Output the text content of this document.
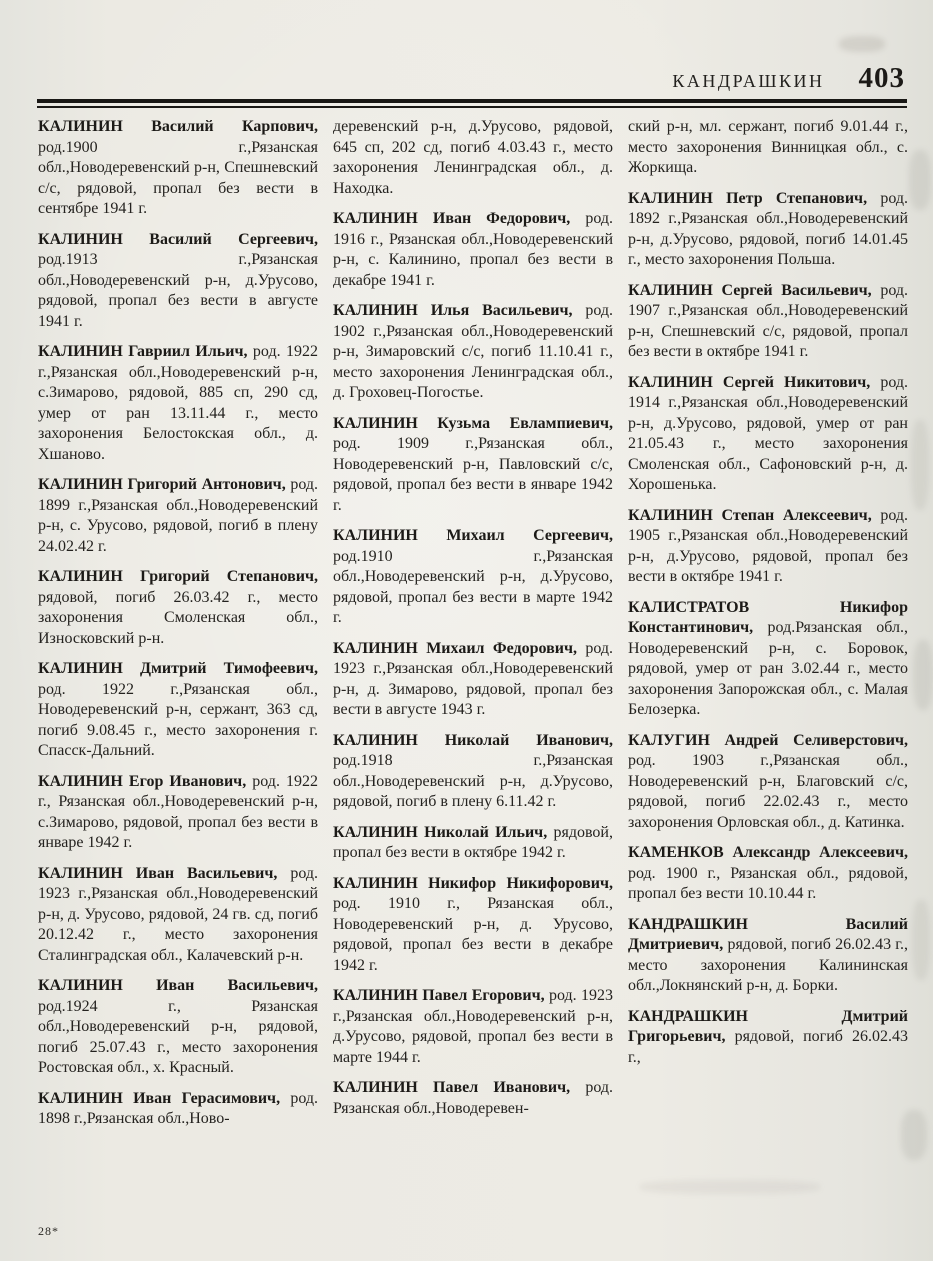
КАНДРАШКИН 403

КАЛИНИН Василий Карпович, род.1900 г.,Рязанская обл.,Новодеревенский р-н, Спешневский с/с, рядовой, пропал без вести в сентябре 1941 г.

КАЛИНИН Василий Сергеевич, род.1913 г.,Рязанская обл.,Новодеревенский р-н, д.Урусово, рядовой, пропал без вести в августе 1941 г.

КАЛИНИН Гавриил Ильич, род. 1922 г.,Рязанская обл.,Новодеревенский р-н, с.Зимарово, рядовой, 885 сп, 290 сд, умер от ран 13.11.44 г., место захоронения Белостокская обл., д. Хшаново.

КАЛИНИН Григорий Антонович, род. 1899 г.,Рязанская обл.,Новодеревенский р-н, с. Урусово, рядовой, погиб в плену 24.02.42 г.

КАЛИНИН Григорий Степанович, рядовой, погиб 26.03.42 г., место захоронения Смоленская обл., Износковский р-н.

КАЛИНИН Дмитрий Тимофеевич, род. 1922 г.,Рязанская обл., Новодеревенский р-н, сержант, 363 сд, погиб 9.08.45 г., место захоронения г. Спасск-Дальний.

КАЛИНИН Егор Иванович, род. 1922 г., Рязанская обл.,Новодеревенский р-н, с.Зимарово, рядовой, пропал без вести в январе 1942 г.

КАЛИНИН Иван Васильевич, род. 1923 г.,Рязанская обл.,Новодеревенский р-н, д. Урусово, рядовой, 24 гв. сд, погиб 20.12.42 г., место захоронения Сталинградская обл., Калачевский р-н.

КАЛИНИН Иван Васильевич, род.1924 г., Рязанская обл.,Новодеревенский р-н, рядовой, погиб 25.07.43 г., место захоронения Ростовская обл., х. Красный.

КАЛИНИН Иван Герасимович, род. 1898 г.,Рязанская обл.,Ново-

деревенский р-н, д.Урусово, рядовой, 645 сп, 202 сд, погиб 4.03.43 г., место захоронения Ленинградская обл., д. Находка.

КАЛИНИН Иван Федорович, род. 1916 г., Рязанская обл.,Новодеревенский р-н, с. Калинино, пропал без вести в декабре 1941 г.

КАЛИНИН Илья Васильевич, род. 1902 г.,Рязанская обл.,Новодеревенский р-н, Зимаровский с/с, погиб 11.10.41 г., место захоронения Ленинградская обл., д. Гроховец-Погостье.

КАЛИНИН Кузьма Евлампиевич, род. 1909 г.,Рязанская обл., Новодеревенский р-н, Павловский с/с, рядовой, пропал без вести в январе 1942 г.

КАЛИНИН Михаил Сергеевич, род.1910 г.,Рязанская обл.,Новодеревенский р-н, д.Урусово, рядовой, пропал без вести в марте 1942 г.

КАЛИНИН Михаил Федорович, род. 1923 г.,Рязанская обл.,Новодеревенский р-н, д. Зимарово, рядовой, пропал без вести в августе 1943 г.

КАЛИНИН Николай Иванович, род.1918 г.,Рязанская обл.,Новодеревенский р-н, д.Урусово, рядовой, погиб в плену 6.11.42 г.

КАЛИНИН Николай Ильич, рядовой, пропал без вести в октябре 1942 г.

КАЛИНИН Никифор Никифорович, род. 1910 г., Рязанская обл., Новодеревенский р-н, д. Урусово, рядовой, пропал без вести в декабре 1942 г.

КАЛИНИН Павел Егорович, род. 1923 г.,Рязанская обл.,Новодеревенский р-н, д.Урусово, рядовой, пропал без вести в марте 1944 г.

КАЛИНИН Павел Иванович, род. Рязанская обл.,Новодеревен-

ский р-н, мл. сержант, погиб 9.01.44 г., место захоронения Винницкая обл., с. Жоркища.

КАЛИНИН Петр Степанович, род. 1892 г.,Рязанская обл.,Новодеревенский р-н, д.Урусово, рядовой, погиб 14.01.45 г., место захоронения Польша.

КАЛИНИН Сергей Васильевич, род. 1907 г.,Рязанская обл.,Новодеревенский р-н, Спешневский с/с, рядовой, пропал без вести в октябре 1941 г.

КАЛИНИН Сергей Никитович, род. 1914 г.,Рязанская обл.,Новодеревенский р-н, д.Урусово, рядовой, умер от ран 21.05.43 г., место захоронения Смоленская обл., Сафоновский р-н, д. Хорошенька.

КАЛИНИН Степан Алексеевич, род. 1905 г.,Рязанская обл.,Новодеревенский р-н, д.Урусово, рядовой, пропал без вести в октябре 1941 г.

КАЛИСТРАТОВ Никифор Константинович, род.Рязанская обл., Новодеревенский р-н, с. Боровок, рядовой, умер от ран 3.02.44 г., место захоронения Запорожская обл., с. Малая Белозерка.

КАЛУГИН Андрей Селиверстович, род. 1903 г.,Рязанская обл., Новодеревенский р-н, Благовский с/с, рядовой, погиб 22.02.43 г., место захоронения Орловская обл., д. Катинка.

КАМЕНКОВ Александр Алексеевич, род. 1900 г., Рязанская обл., рядовой, пропал без вести 10.10.44 г.

КАНДРАШКИН Василий Дмитриевич, рядовой, погиб 26.02.43 г., место захоронения Калининская обл.,Локнянский р-н, д. Борки.

КАНДРАШКИН Дмитрий Григорьевич, рядовой, погиб 26.02.43 г.,

28*
